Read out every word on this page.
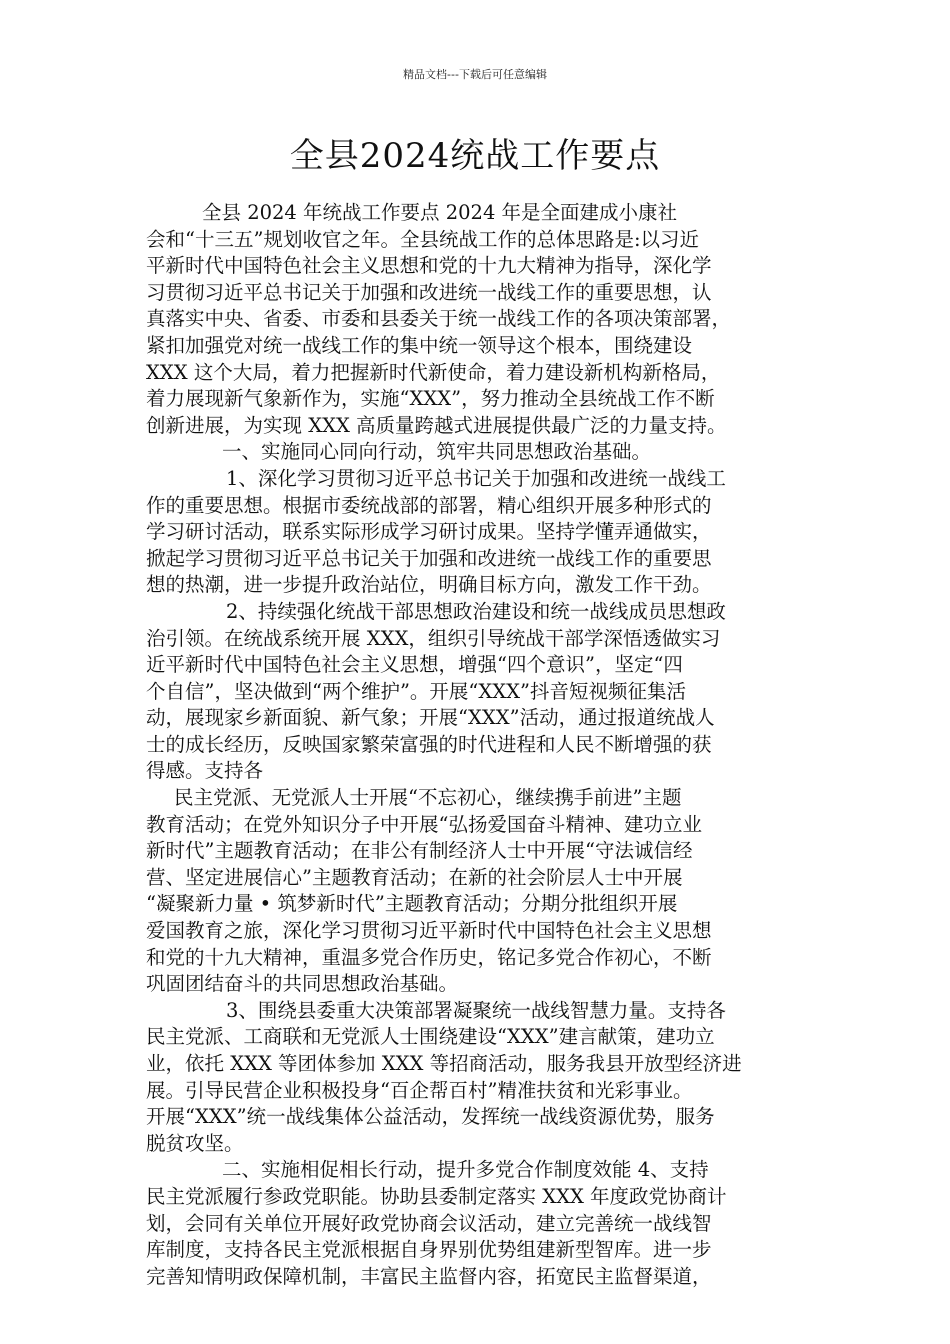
精品文档---下载后可任意编辑
全县2024统战工作要点
全县 2024 年统战工作要点 2024 年是全面建成小康社
会和“十三五”规划收官之年。全县统战工作的总体思路是:以习近
平新时代中国特色社会主义思想和党的十九大精神为指导，深化学
习贯彻习近平总书记关于加强和改进统一战线工作的重要思想，认
真落实中央、省委、市委和县委关于统一战线工作的各项决策部署，
紧扣加强党对统一战线工作的集中统一领导这个根本，围绕建设
XXX 这个大局，着力把握新时代新使命，着力建设新机构新格局，
着力展现新气象新作为，实施“XXX”，努力推动全县统战工作不断
创新进展，为实现 XXX 高质量跨越式进展提供最广泛的力量支持。
一、实施同心同向行动，筑牢共同思想政治基础。
1、深化学习贯彻习近平总书记关于加强和改进统一战线工
作的重要思想。根据市委统战部的部署，精心组织开展多种形式的
学习研讨活动，联系实际形成学习研讨成果。坚持学懂弄通做实，
掀起学习贯彻习近平总书记关于加强和改进统一战线工作的重要思
想的热潮，进一步提升政治站位，明确目标方向，激发工作干劲。
2、持续强化统战干部思想政治建设和统一战线成员思想政
治引领。在统战系统开展 XXX，组织引导统战干部学深悟透做实习
近平新时代中国特色社会主义思想，增强“四个意识”，坚定“四
个自信”，坚决做到“两个维护”。开展“XXX”抖音短视频征集活
动，展现家乡新面貌、新气象；开展“XXX”活动，通过报道统战人
士的成长经历，反映国家繁荣富强的时代进程和人民不断增强的获
得感。支持各
民主党派、无党派人士开展“不忘初心，继续携手前进”主题
教育活动；在党外知识分子中开展“弘扬爱国奋斗精神、建功立业
新时代”主题教育活动；在非公有制经济人士中开展“守法诚信经
营、坚定进展信心”主题教育活动；在新的社会阶层人士中开展
“凝聚新力量 • 筑梦新时代”主题教育活动；分期分批组织开展
爱国教育之旅，深化学习贯彻习近平新时代中国特色社会主义思想
和党的十九大精神，重温多党合作历史，铭记多党合作初心，不断
巩固团结奋斗的共同思想政治基础。
3、围绕县委重大决策部署凝聚统一战线智慧力量。支持各
民主党派、工商联和无党派人士围绕建设“XXX”建言献策，建功立
业，依托 XXX 等团体参加 XXX 等招商活动，服务我县开放型经济进
展。引导民营企业积极投身“百企帮百村”精准扶贫和光彩事业。
开展“XXX”统一战线集体公益活动，发挥统一战线资源优势，服务
脱贫攻坚。
二、实施相促相长行动，提升多党合作制度效能 4、支持
民主党派履行参政党职能。协助县委制定落实 XXX 年度政党协商计
划，会同有关单位开展好政党协商会议活动，建立完善统一战线智
库制度，支持各民主党派根据自身界别优势组建新型智库。进一步
完善知情明政保障机制，丰富民主监督内容，拓宽民主监督渠道，
